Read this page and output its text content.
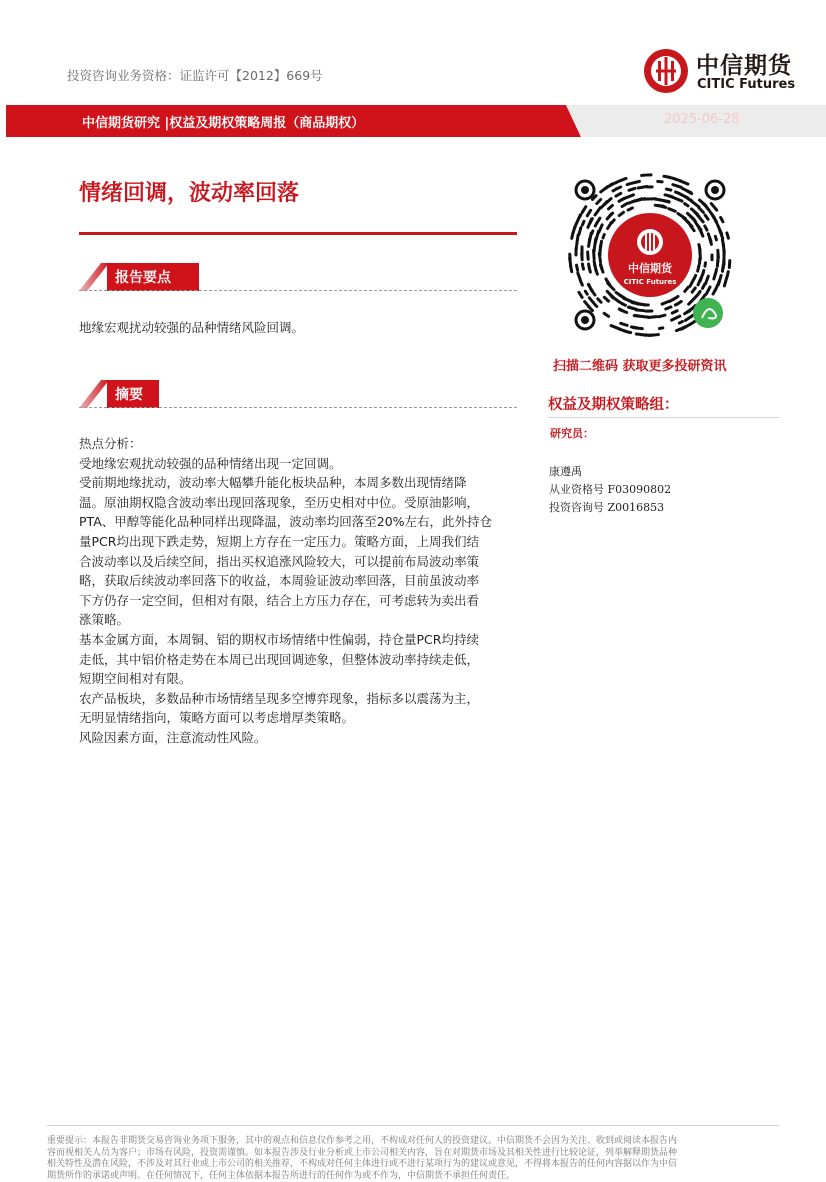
投资咨询业务资格：证监许可【2012】669号	中信期货
CITIC Futures
中信期货研究 |权益及期权策略周报（商品期权）	2025-06-28
情绪回调，波动率回落
报告要点
地缘宏观扰动较强的品种情绪风险回调。
摘要

热点分析：

受地缘宏观扰动较强的品种情绪出现一定回调。

受前期地缘扰动，波动率大幅攀升能化板块品种，本周多数出现情绪降

温。原油期权隐含波动率出现回落现象，至历史相对中位。受原油影响，

PTA、甲醇等能化品种同样出现降温，波动率均回落至20%左右，此外持仓

量PCR均出现下跌走势，短期上方存在一定压力。策略方面，上周我们结

合波动率以及后续空间，指出买权追涨风险较大，可以提前布局波动率策

略，获取后续波动率回落下的收益，本周验证波动率回落，目前虽波动率

下方仍存一定空间，但相对有限，结合上方压力存在，可考虑转为卖出看

涨策略。

基本金属方面，本周铜、铝的期权市场情绪中性偏弱，持仓量PCR均持续

走低，其中铝价格走势在本周已出现回调迹象，但整体波动率持续走低，

短期空间相对有限。

农产品板块，多数品种市场情绪呈现多空博弈现象，指标多以震荡为主，

无明显情绪指向，策略方面可以考虑增厚类策略。

风险因素方面，注意流动性风险。

中信期货
CITIC Futures
扫描二维码 获取更多投研资讯
权益及期权策略组：
研究员：
康遵禹
从业资格号 F03090802
投资咨询号 Z0016853
重要提示：本报告非期货交易咨询业务项下服务，其中的观点和信息仅作参考之用，不构成对任何人的投资建议。中信期货不会因为关注、收到或阅读本报告内
容而视相关人员为客户；市场有风险，投资需谨慎。如本报告涉及行业分析或上市公司相关内容，旨在对期货市场及其相关性进行比较论证，列举解释期货品种
相关特性及潜在风险，不涉及对其行业或上市公司的相关推荐，不构成对任何主体进行或不进行某项行为的建议或意见，不得将本报告的任何内容据以作为中信
期货所作的承诺或声明。在任何情况下，任何主体依据本报告所进行的任何作为或不作为，中信期货不承担任何责任。
